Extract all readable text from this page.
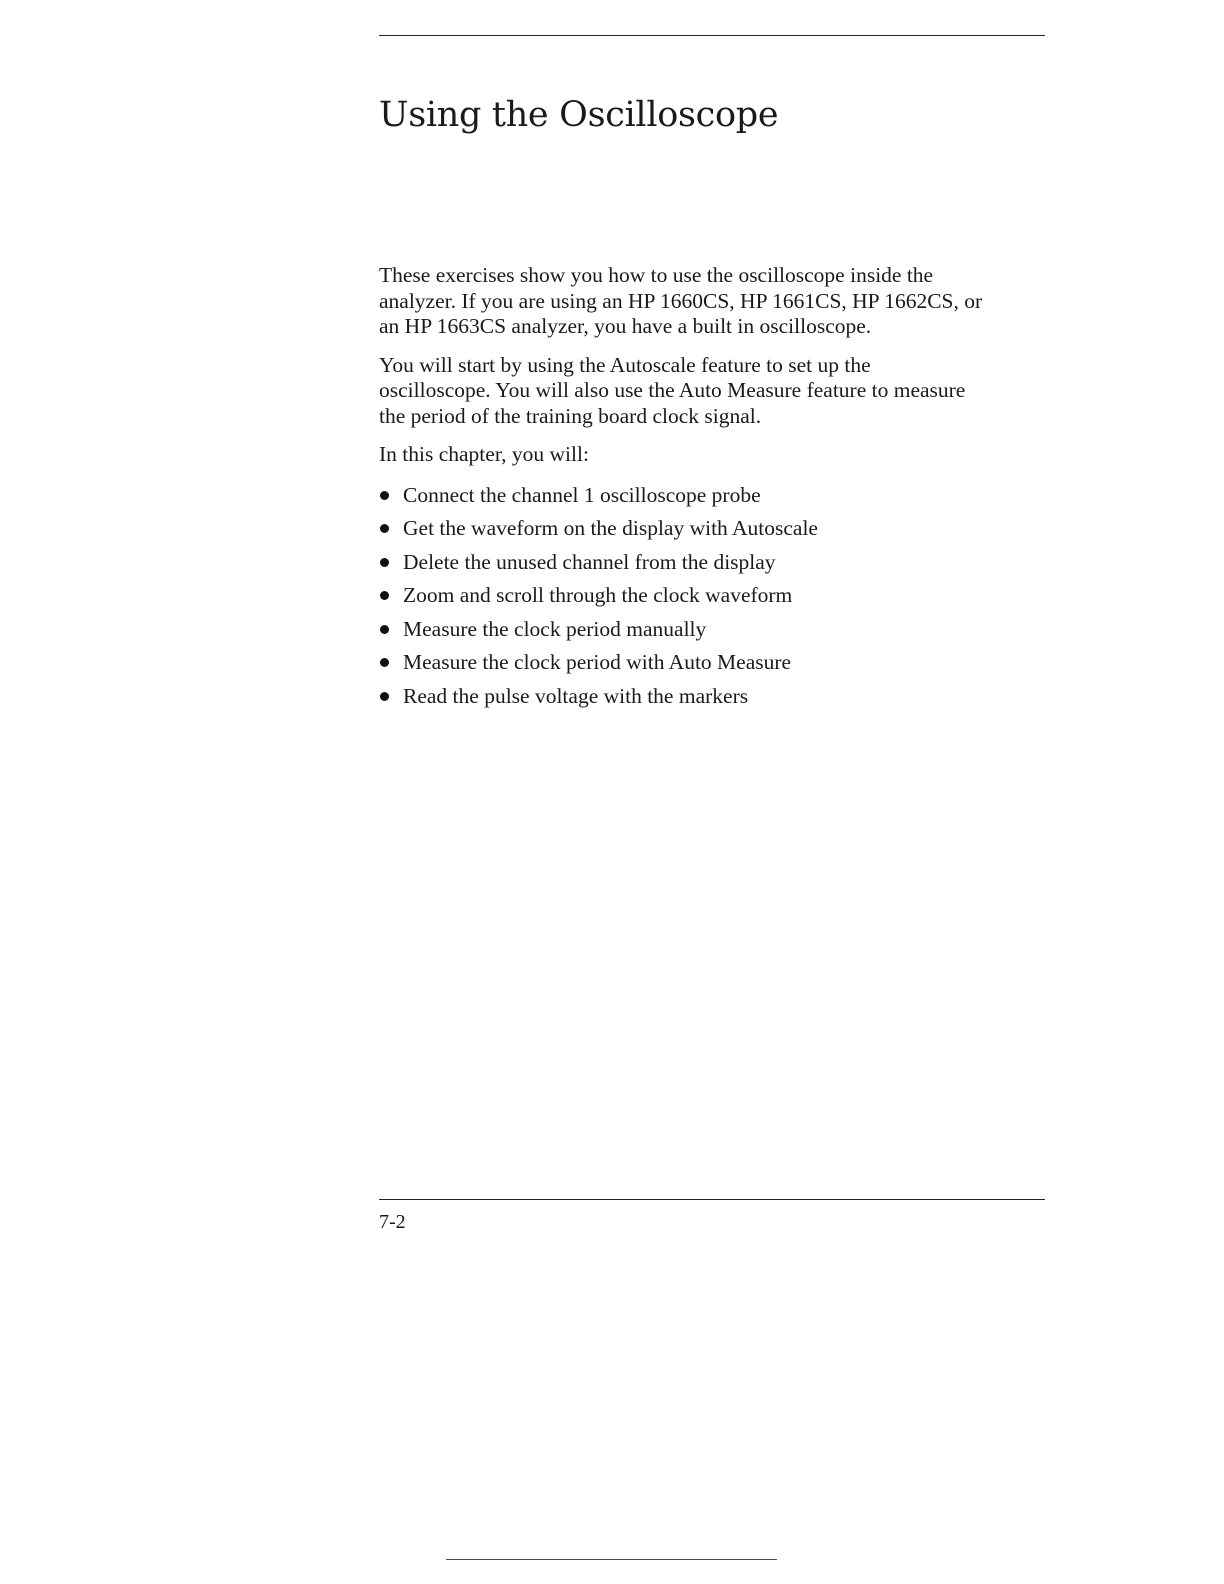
Using the Oscilloscope

These exercises show you how to use the oscilloscope inside the
analyzer. If you are using an HP 1660CS, HP 1661CS, HP 1662CS, or
an HP 1663CS analyzer, you have a built in oscilloscope.

You will start by using the Autoscale feature to set up the
oscilloscope. You will also use the Auto Measure feature to measure
the period of the training board clock signal.

In this chapter, you will:

Connect the channel 1 oscilloscope probe
Get the waveform on the display with Autoscale
Delete the unused channel from the display
Zoom and scroll through the clock waveform
Measure the clock period manually
Measure the clock period with Auto Measure
Read the pulse voltage with the markers
7-2
